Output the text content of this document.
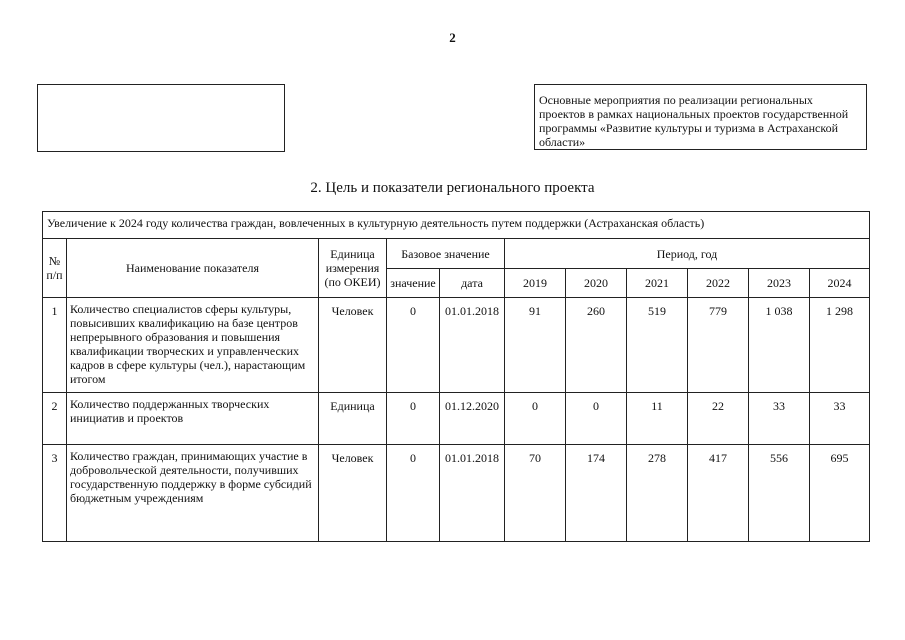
2
Основные мероприятия по реализации региональных проектов в рамках национальных проектов государственной программы «Развитие культуры и туризма в Астраханской области»
2. Цель и показатели регионального проекта
Увеличение к 2024 году количества граждан, вовлеченных в культурную деятельность путем поддержки (Астраханская область)										
№ п/п	Наименование показателя	Единица измерения (по ОКЕИ)	Базовое значение		Период, год					
			значение	дата	2019	2020	2021	2022	2023	2024
1	Количество специалистов сферы культуры, повысивших квалификацию на базе центров непрерывного образования и повышения квалификации творческих и управленческих кадров в сфере культуры (чел.), нарастающим итогом	Человек	0	01.01.2018	91	260	519	779	1 038	1 298
2	Количество поддержанных творческих инициатив и проектов	Единица	0	01.12.2020	0	0	11	22	33	33
3	Количество граждан, принимающих участие в добровольческой деятельности, получивших государственную поддержку в форме субсидий бюджетным учреждениям	Человек	0	01.01.2018	70	174	278	417	556	695
